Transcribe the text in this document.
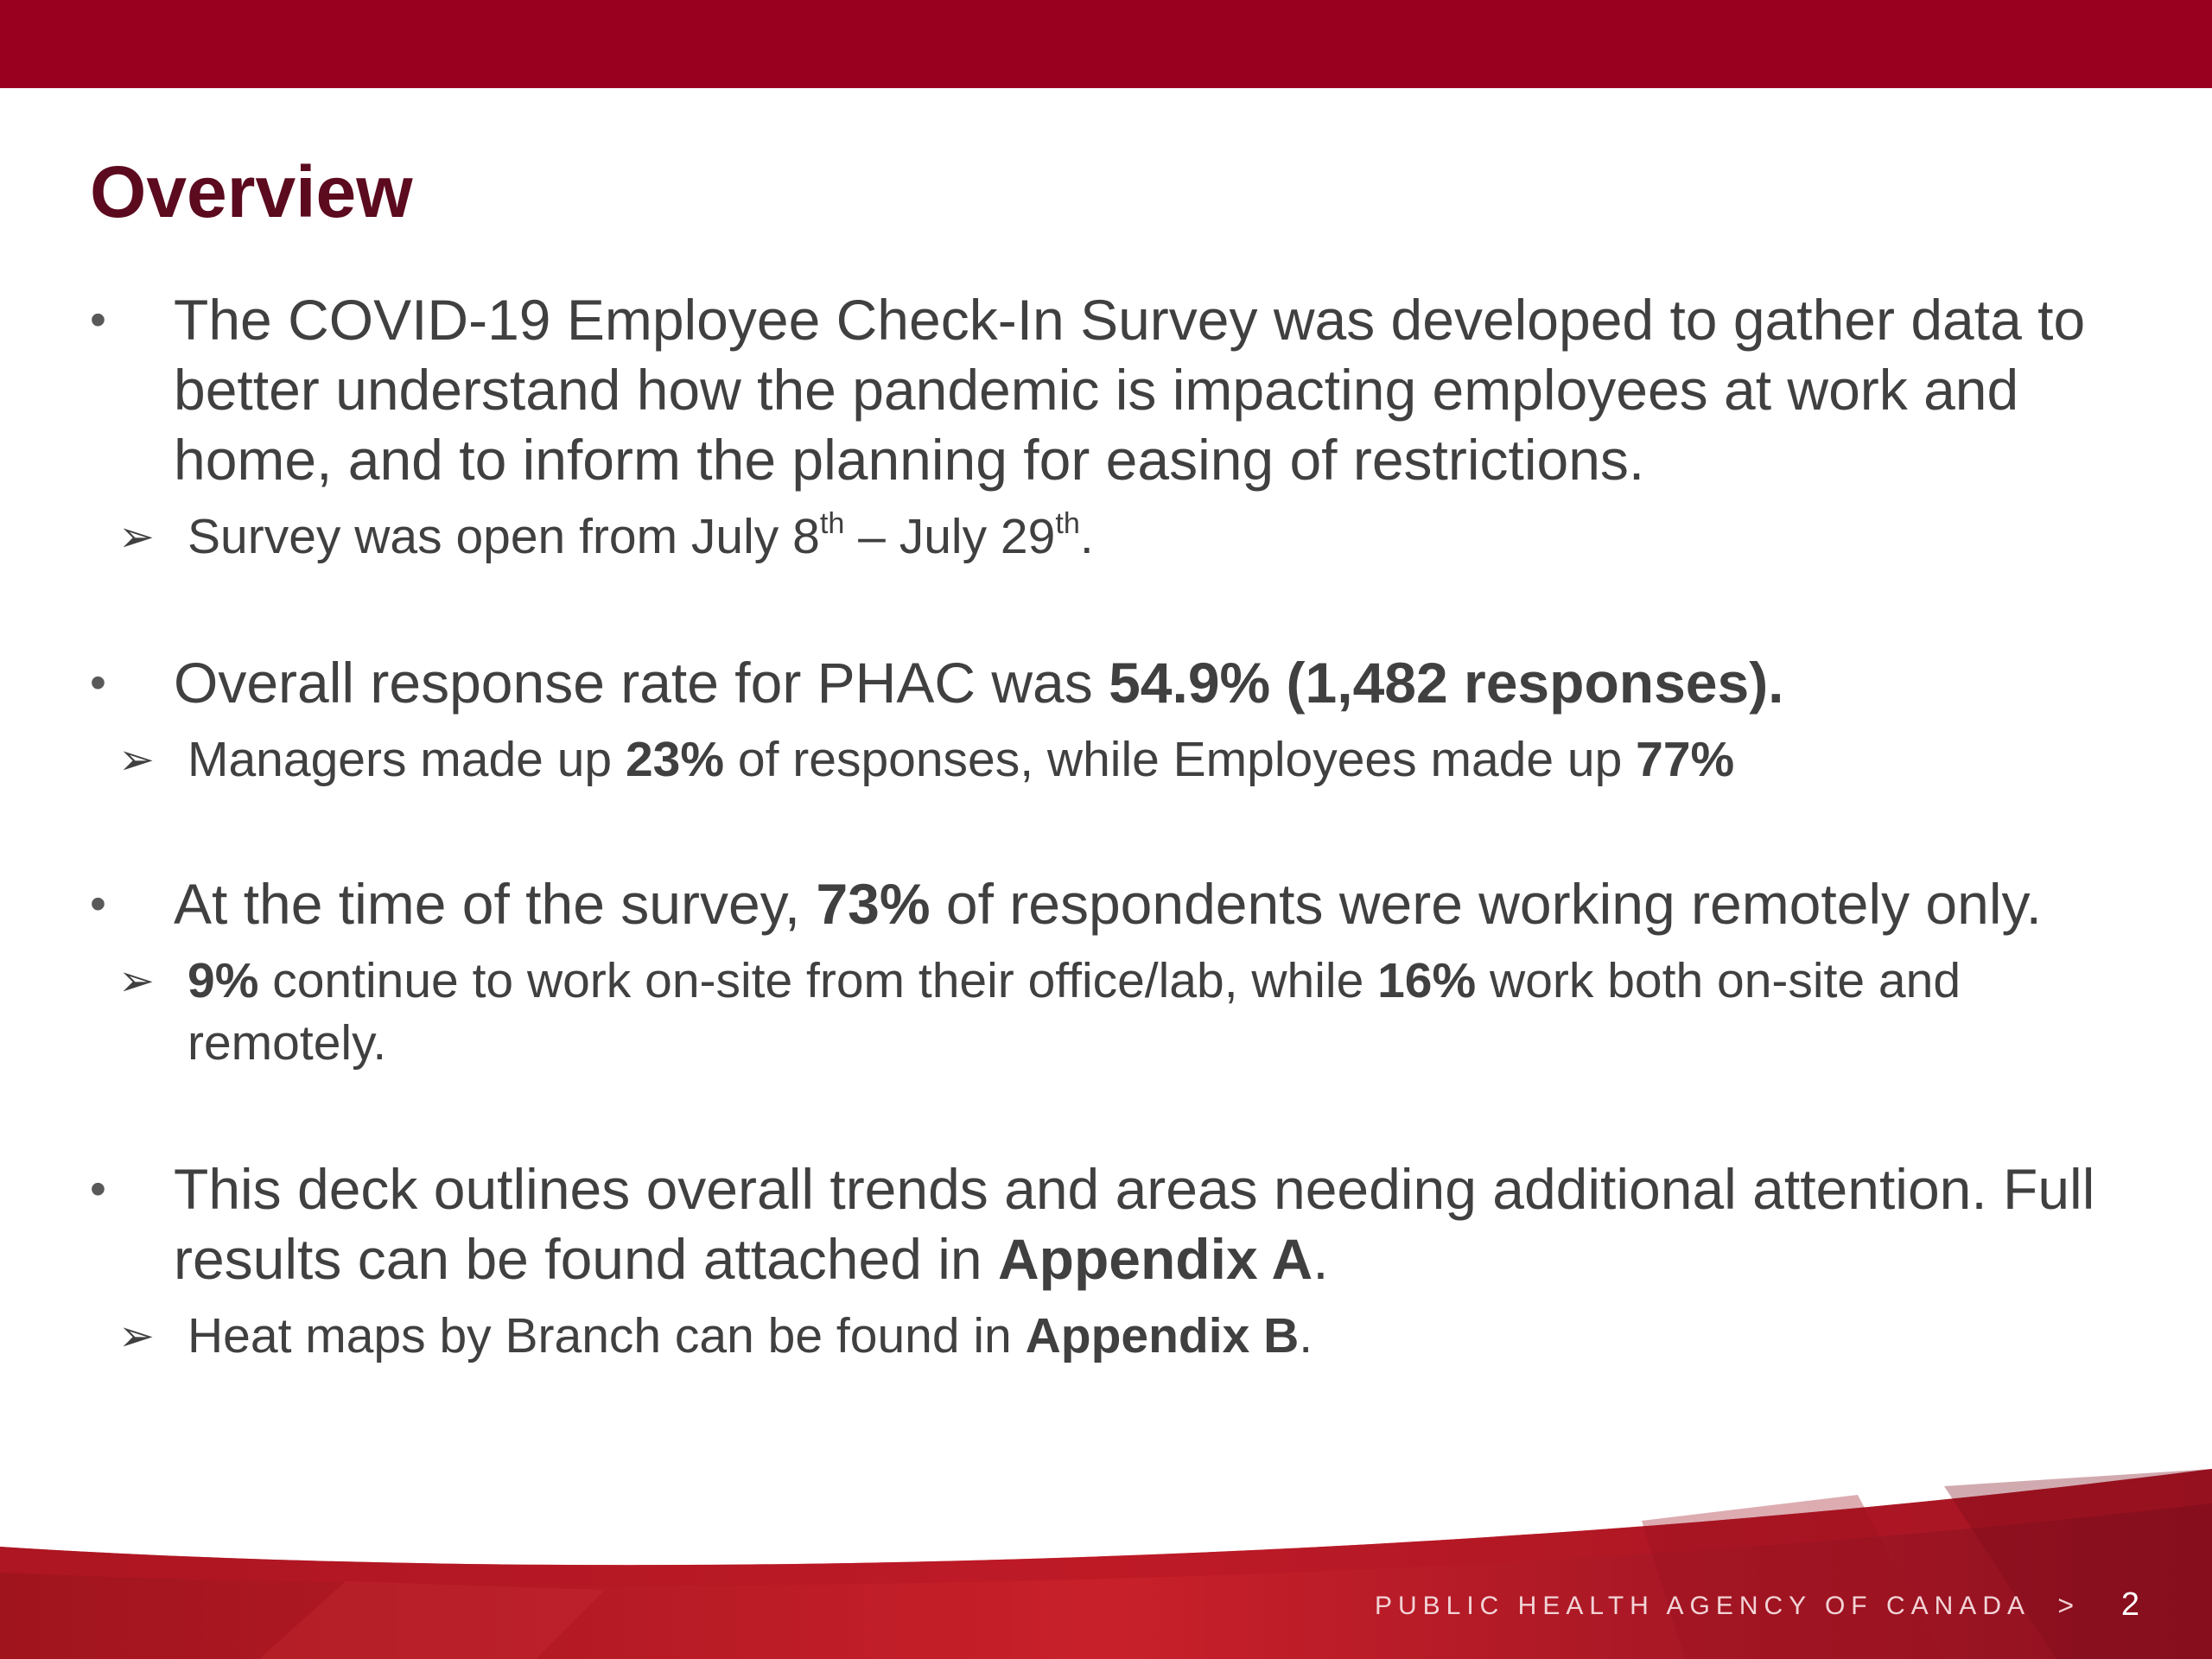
Overview
•	The COVID-19 Employee Check-In Survey was developed to gather data to better understand how the pandemic is impacting employees at work and home, and to inform the planning for easing of restrictions.
➢ Survey was open from July 8th – July 29th.
•	Overall response rate for PHAC was 54.9% (1,482 responses).
➢ Managers made up 23% of responses, while Employees made up 77%
•	At the time of the survey, 73% of respondents were working remotely only.
➢ 9% continue to work on-site from their office/lab, while 16% work both on-site and remotely.
•	This deck outlines overall trends and areas needing additional attention. Full results can be found attached in Appendix A.
➢ Heat maps by Branch can be found in Appendix B.
PUBLIC HEALTH AGENCY OF CANADA > 2
